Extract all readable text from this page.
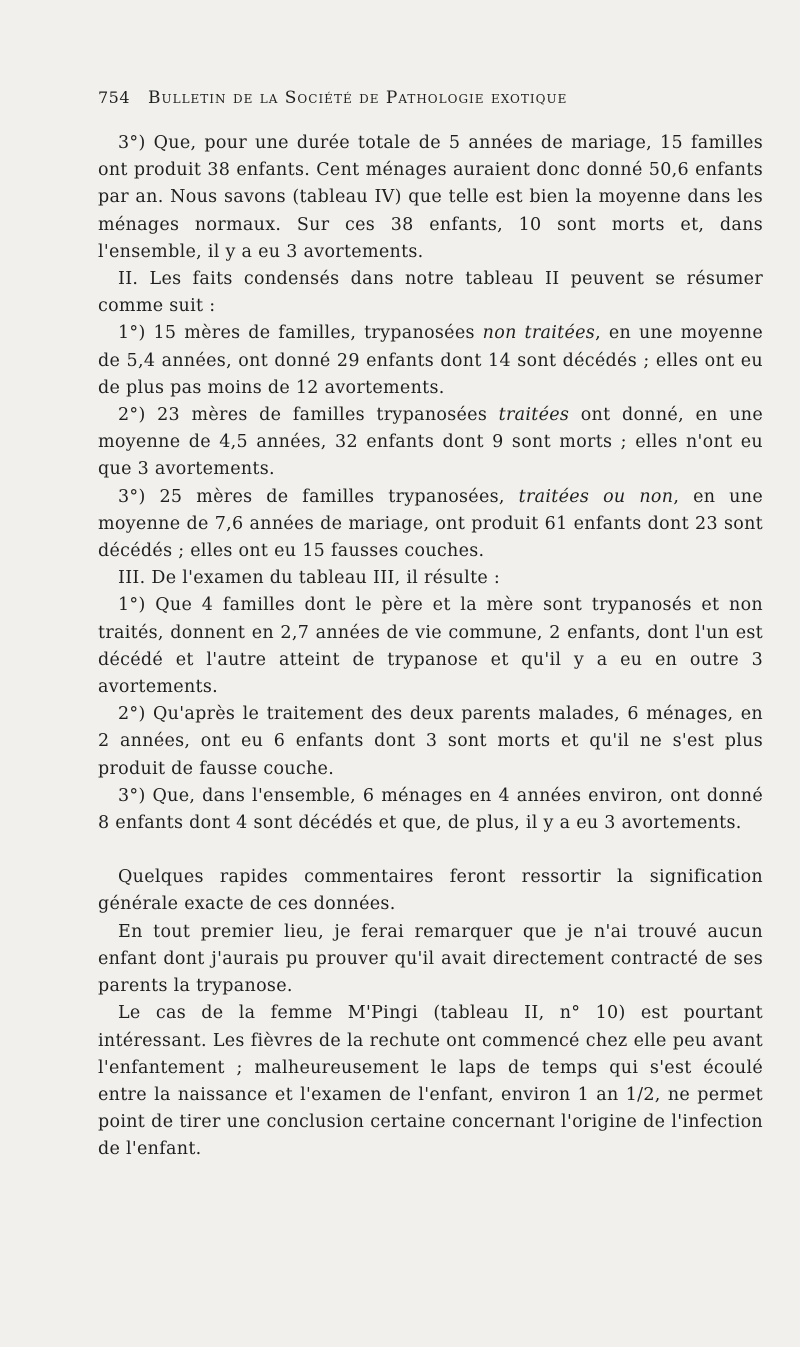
754	Bulletin de la Société de Pathologie exotique

3°) Que, pour une durée totale de 5 années de mariage, 15 familles ont produit 38 enfants. Cent ménages auraient donc donné 50,6 enfants par an. Nous savons (tableau IV) que telle est bien la moyenne dans les ménages normaux. Sur ces 38 enfants, 10 sont morts et, dans l'ensemble, il y a eu 3 avortements.

II. Les faits condensés dans notre tableau II peuvent se résumer comme suit :

1°) 15 mères de familles, trypanosées non traitées, en une moyenne de 5,4 années, ont donné 29 enfants dont 14 sont décédés ; elles ont eu de plus pas moins de 12 avortements.

2°) 23 mères de familles trypanosées traitées ont donné, en une moyenne de 4,5 années, 32 enfants dont 9 sont morts ; elles n'ont eu que 3 avortements.

3°) 25 mères de familles trypanosées, traitées ou non, en une moyenne de 7,6 années de mariage, ont produit 61 enfants dont 23 sont décédés ; elles ont eu 15 fausses couches.

III. De l'examen du tableau III, il résulte :

1°) Que 4 familles dont le père et la mère sont trypanosés et non traités, donnent en 2,7 années de vie commune, 2 enfants, dont l'un est décédé et l'autre atteint de trypanose et qu'il y a eu en outre 3 avortements.

2°) Qu'après le traitement des deux parents malades, 6 ménages, en 2 années, ont eu 6 enfants dont 3 sont morts et qu'il ne s'est plus produit de fausse couche.

3°) Que, dans l'ensemble, 6 ménages en 4 années environ, ont donné 8 enfants dont 4 sont décédés et que, de plus, il y a eu 3 avortements.

Quelques rapides commentaires feront ressortir la signification générale exacte de ces données.

En tout premier lieu, je ferai remarquer que je n'ai trouvé aucun enfant dont j'aurais pu prouver qu'il avait directement contracté de ses parents la trypanose.

Le cas de la femme M'Pingi (tableau II, n° 10) est pourtant intéressant. Les fièvres de la rechute ont commencé chez elle peu avant l'enfantement ; malheureusement le laps de temps qui s'est écoulé entre la naissance et l'examen de l'enfant, environ 1 an 1/2, ne permet point de tirer une conclusion certaine concernant l'origine de l'infection de l'enfant.
